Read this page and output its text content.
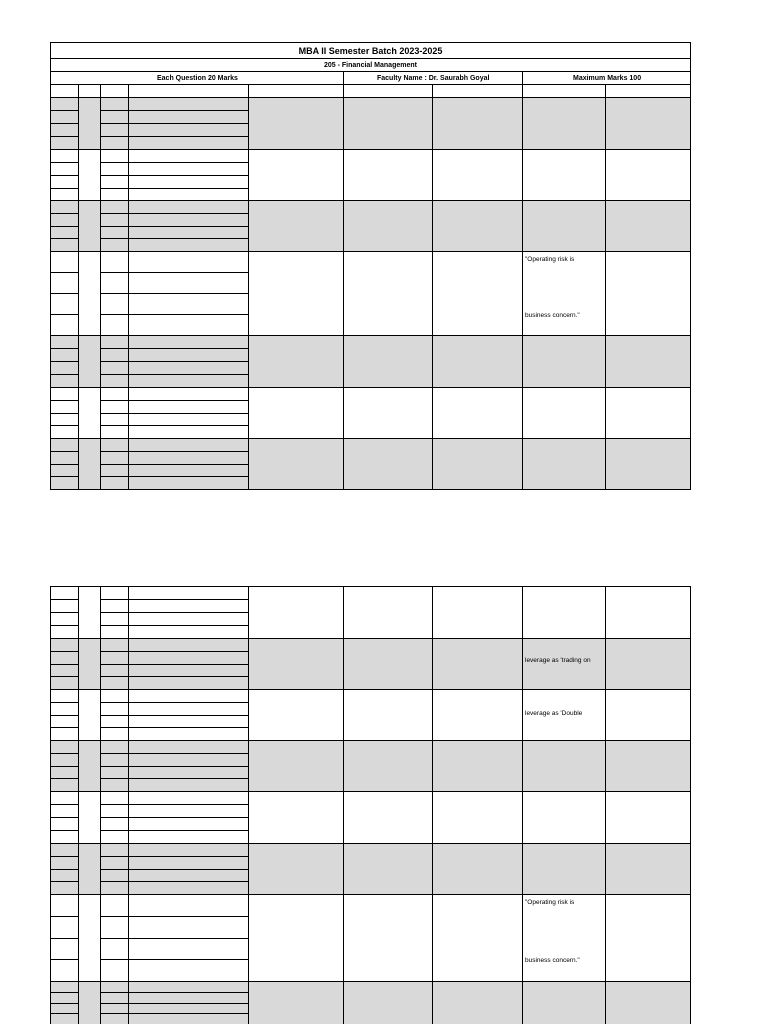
MBA II Semester Batch 2023-2025
205 - Financial Management
Each Question 20 Marks	Faculty Name : Dr. Saurabh Goyal	Maximum Marks 100
"Operating risk is
business concern."
leverage as 'trading on
leverage as 'Double
"Operating risk is
business concern."
